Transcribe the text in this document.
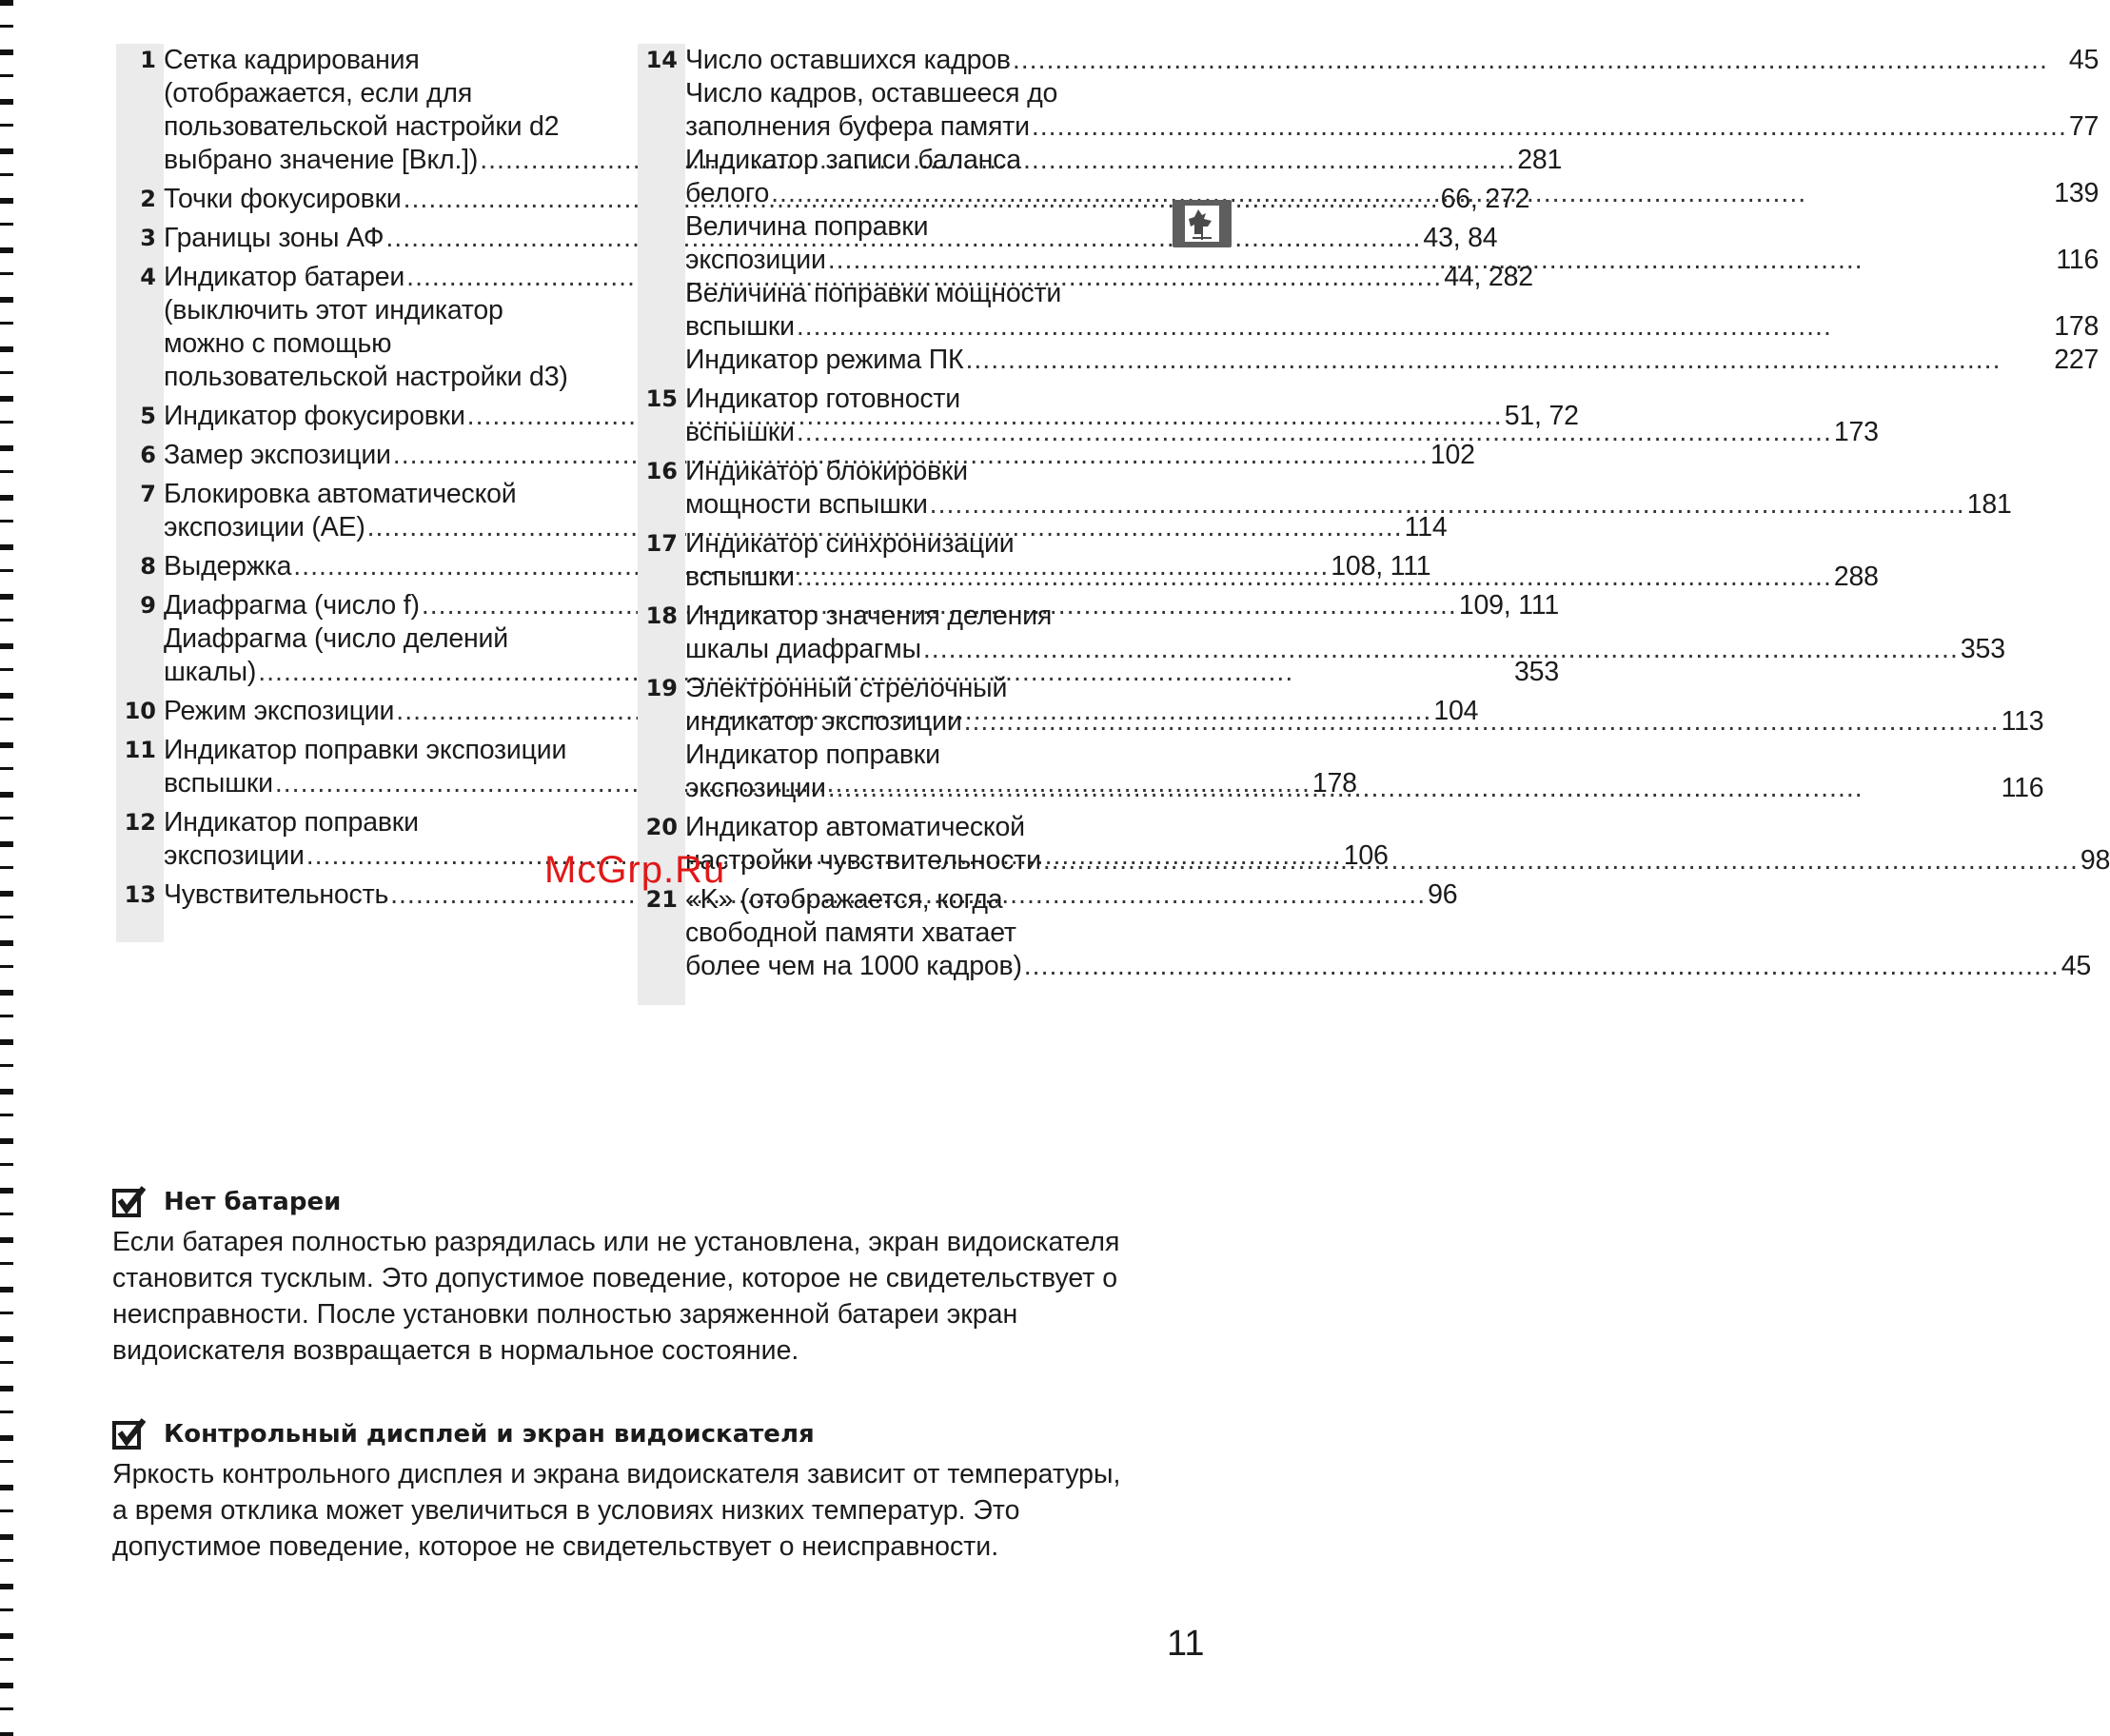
1 Сетка кадрирования
(отображается, если для
пользовательской настройки d2
выбрано значение [Вкл.]) .....	281
2 Точки фокусировки .....	66, 272
3 Границы зоны АФ .....	43, 84
4 Индикатор батареи .....	44, 282
(выключить этот индикатор
можно с помощью
пользовательской настройки d3)
5 Индикатор фокусировки .....	51, 72
6 Замер экспозиции .....	102
7 Блокировка автоматической
экспозиции (AE) .....	114
8 Выдержка .....	108, 111
9 Диафрагма (число f) .....	109, 111
Диафрагма (число делений
шкалы) .....	353
10 Режим экспозиции .....	104
11 Индикатор поправки экспозиции
вспышки .....	178
12 Индикатор поправки
экспозиции .....	106
13 Чувствительность .....	96
14 Число оставшихся кадров .....	45
Число кадров, оставшееся до
заполнения буфера памяти .....	77
Индикатор записи баланса
белого .....	139
Величина поправки
экспозиции .....	116
Величина поправки мощности
вспышки .....	178
Индикатор режима ПК .....	227
15 Индикатор готовности
вспышки .....	173
16 Индикатор блокировки
мощности вспышки .....	181
17 Индикатор синхронизации
вспышки .....	288
18 Индикатор значения деления
шкалы диафрагмы .....	353
19 Электронный стрелочный
индикатор экспозиции .....	113
Индикатор поправки
экспозиции .....	116
20 Индикатор автоматической
настройки чувствительности .....	98
21 «K» (отображается, когда
свободной памяти хватает
более чем на 1000 кадров) .....	45
McGrp.Ru
Нет батареи

Если батарея полностью разрядилась или не установлена, экран видоискателя становится тусклым. Это допустимое поведение, которое не свидетельствует о неисправности. После установки полностью заряженной батареи экран видоискателя возвращается в нормальное состояние.

Контрольный дисплей и экран видоискателя

Яркость контрольного дисплея и экрана видоискателя зависит от температуры, а время отклика может увеличиться в условиях низких температур. Это допустимое поведение, которое не свидетельствует о неисправности.

11
